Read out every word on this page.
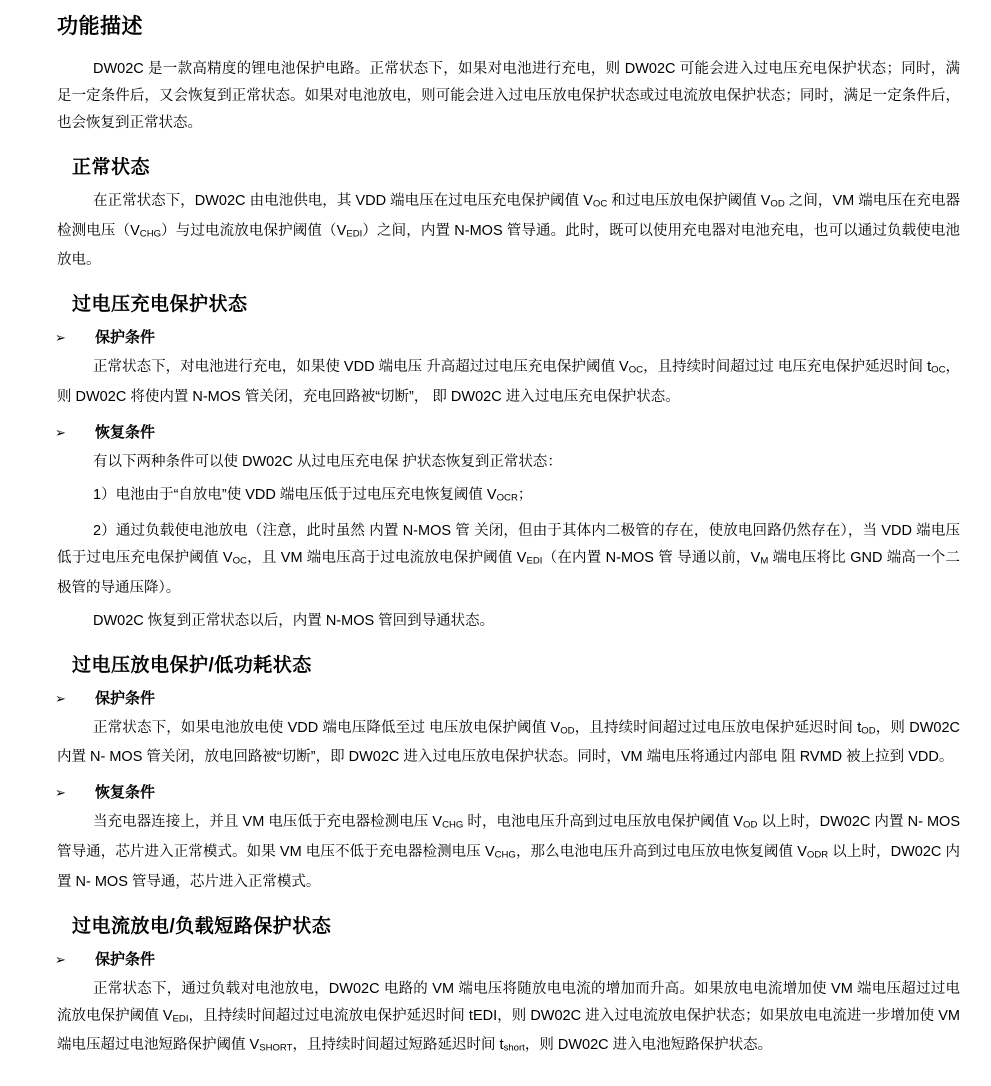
功能描述

DW02C 是一款高精度的锂电池保护电路。正常状态下，如果对电池进行充电，则 DW02C 可能会进入过电压充电保护状态；同时，满足一定条件后，又会恢复到正常状态。如果对电池放电，则可能会进入过电压放电保护状态或过电流放电保护状态；同时，满足一定条件后，也会恢复到正常状态。

正常状态

在正常状态下，DW02C 由电池供电，其 VDD 端电压在过电压充电保护阈值 VOC 和过电压放电保护阈值 VOD 之间，VM 端电压在充电器检测电压（VCHG）与过电流放电保护阈值（VEDI）之间，内置 N-MOS 管导通。此时，既可以使用充电器对电池充电，也可以通过负载使电池放电。

过电压充电保护状态
➢	保护条件

正常状态下，对电池进行充电，如果使 VDD 端电压 升高超过过电压充电保护阈值 VOC，且持续时间超过过 电压充电保护延迟时间 tOC，则 DW02C 将使内置 N-MOS 管关闭，充电回路被“切断”， 即 DW02C 进入过电压充电保护状态。

➢	恢复条件

有以下两种条件可以使 DW02C 从过电压充电保 护状态恢复到正常状态：

1）电池由于“自放电”使 VDD 端电压低于过电压充电恢复阈值 VOCR；

2）通过负载使电池放电（注意，此时虽然 内置 N-MOS 管 关闭，但由于其体内二极管的存在，使放电回路仍然存在），当 VDD 端电压低于过电压充电保护阈值 VOC，且 VM 端电压高于过电流放电保护阈值 VEDI（在内置 N-MOS 管 导通以前，VM 端电压将比 GND 端高一个二极管的导通压降）。

DW02C 恢复到正常状态以后，内置 N-MOS 管回到导通状态。

过电压放电保护/低功耗状态
➢	保护条件

正常状态下，如果电池放电使 VDD 端电压降低至过 电压放电保护阈值 VOD，且持续时间超过过电压放电保护延迟时间 tOD，则 DW02C 内置 N- MOS 管关闭，放电回路被“切断”，即 DW02C 进入过电压放电保护状态。同时，VM 端电压将通过内部电 阻 RVMD 被上拉到 VDD。

➢	恢复条件

当充电器连接上，并且 VM 电压低于充电器检测电压 VCHG 时，电池电压升高到过电压放电保护阈值 VOD 以上时，DW02C 内置 N- MOS 管导通，芯片进入正常模式。如果 VM 电压不低于充电器检测电压 VCHG，那么电池电压升高到过电压放电恢复阈值 VODR 以上时，DW02C 内置 N- MOS 管导通，芯片进入正常模式。

过电流放电/负载短路保护状态
➢	保护条件

正常状态下，通过负载对电池放电，DW02C 电路的 VM 端电压将随放电电流的增加而升高。如果放电电流增加使 VM 端电压超过过电流放电保护阈值 VEDI，且持续时间超过过电流放电保护延迟时间 tEDI，则 DW02C 进入过电流放电保护状态；如果放电电流进一步增加使 VM 端电压超过电池短路保护阈值 VSHORT，且持续时间超过短路延迟时间 tshort，则 DW02C 进入电池短路保护状态。
